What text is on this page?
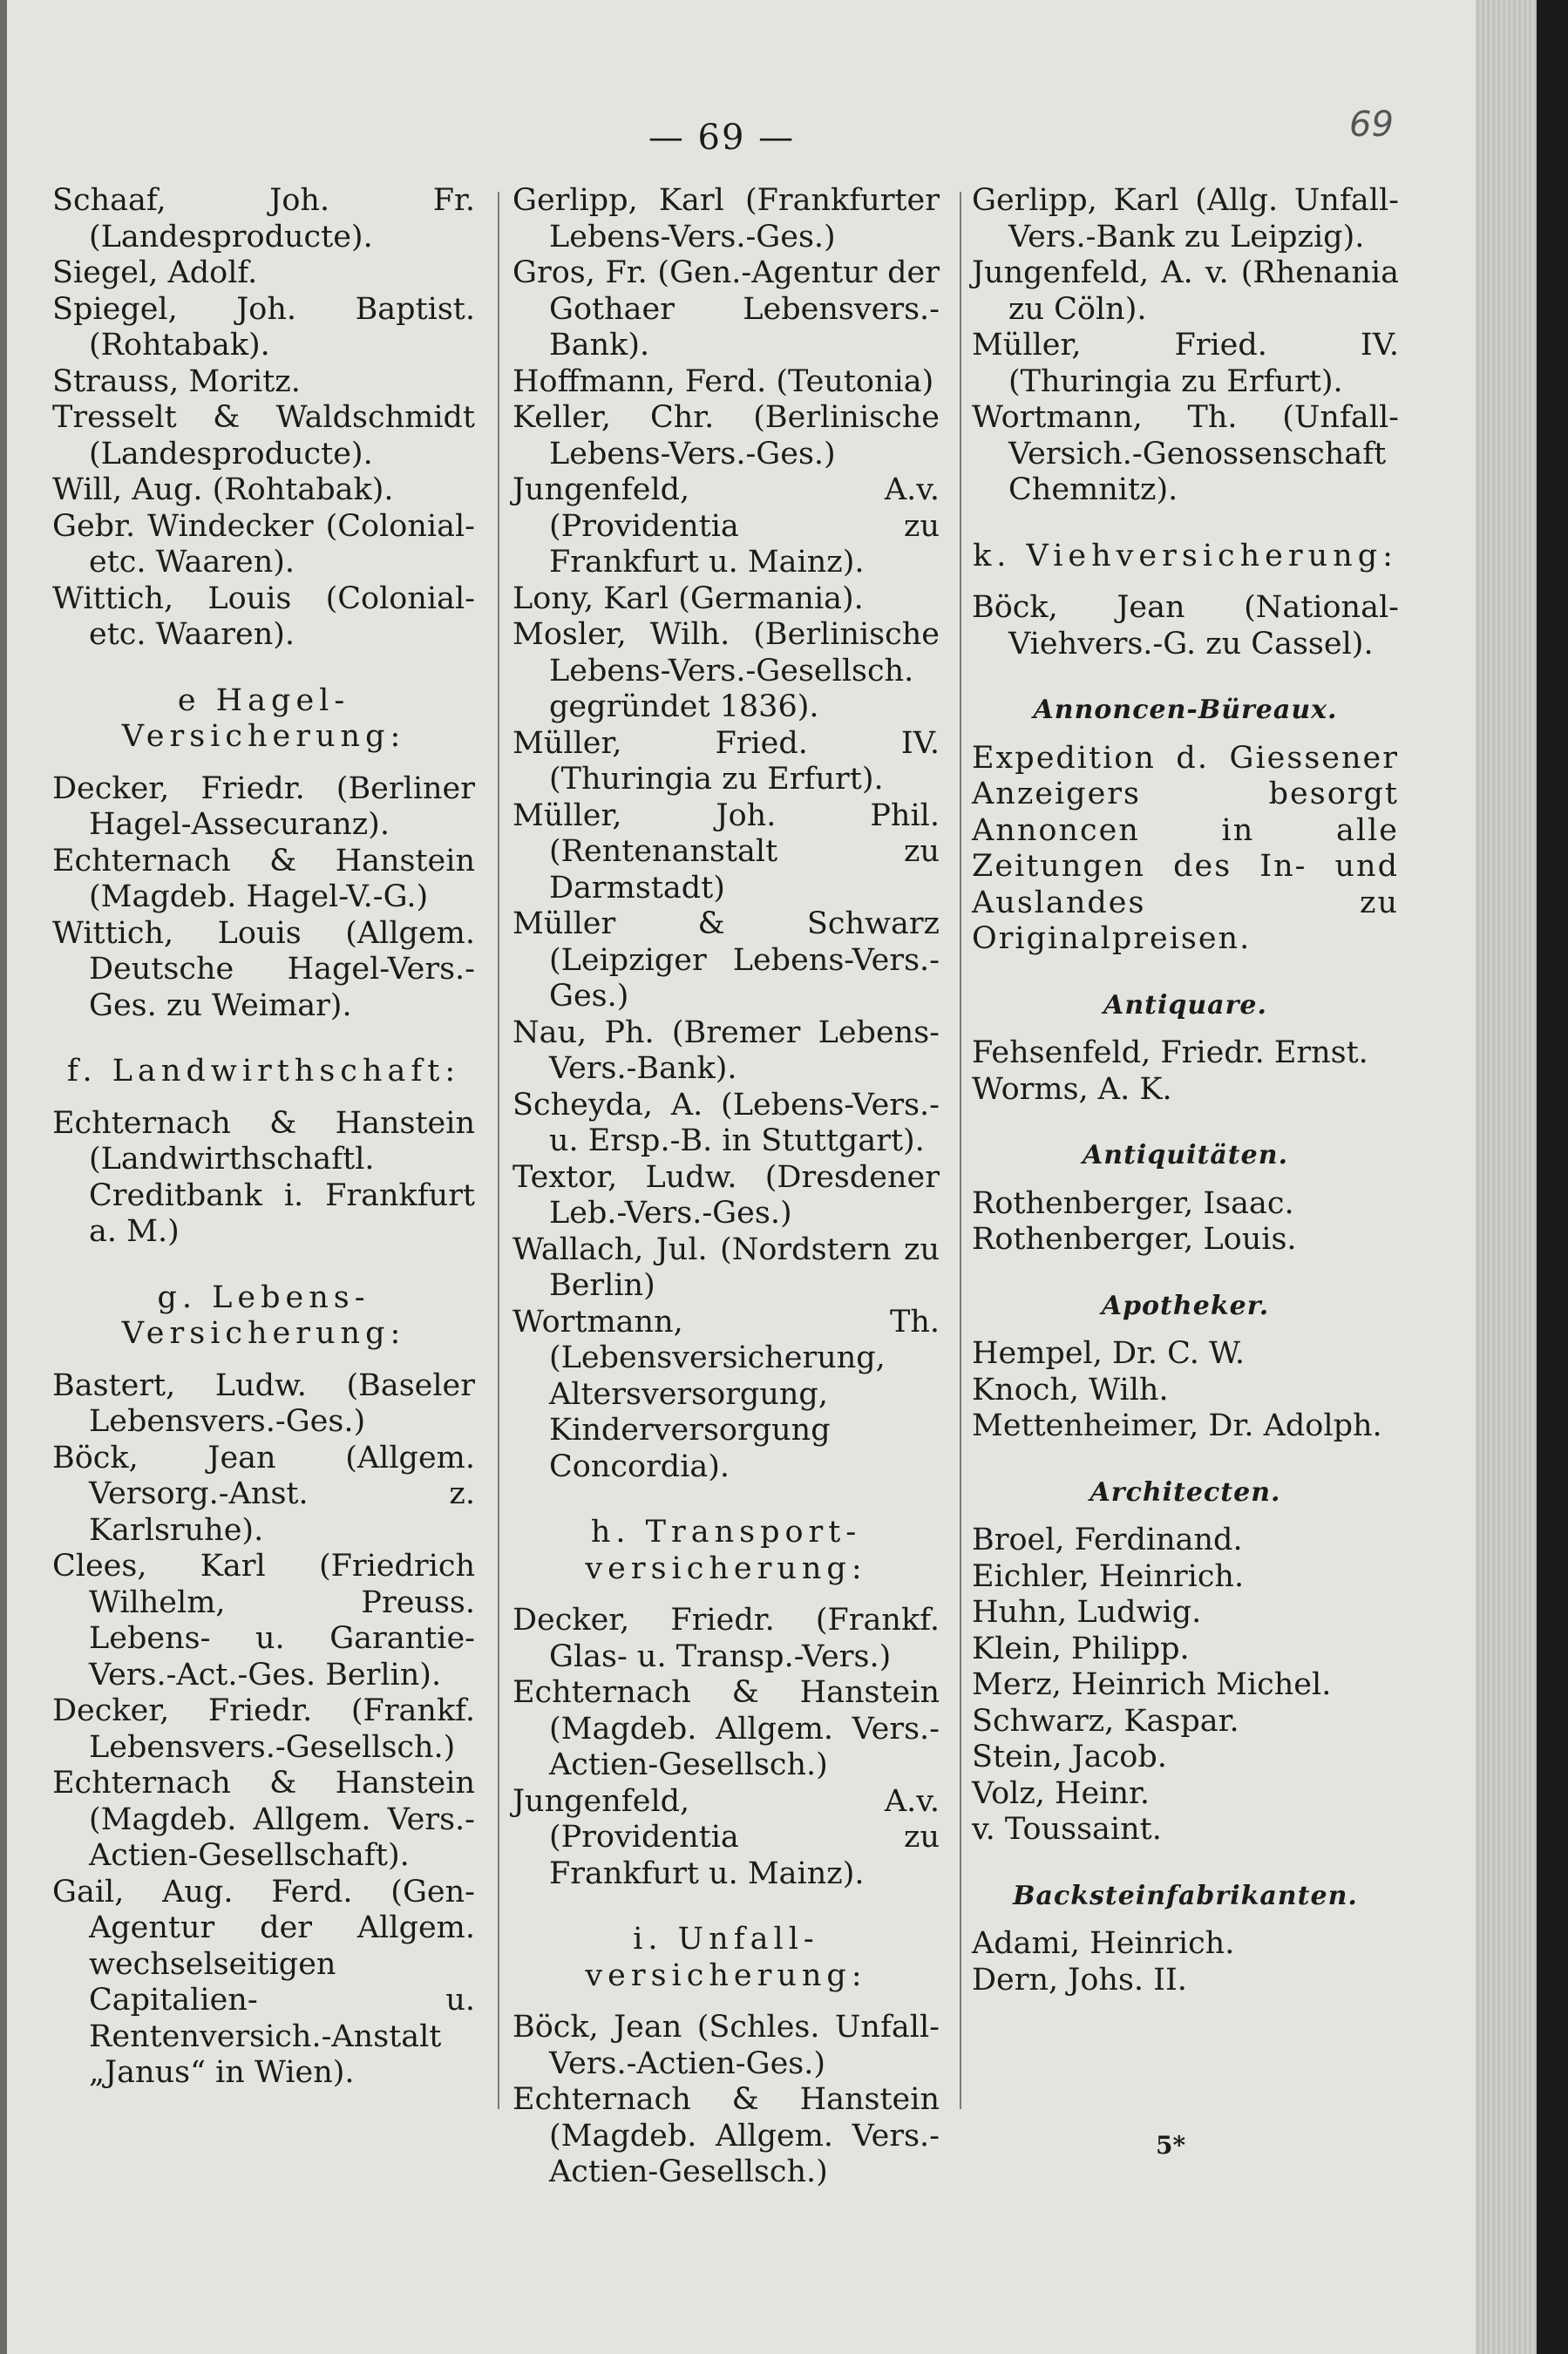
— 69 —	69

Schaaf, Joh. Fr. (Landesproducte).

Siegel, Adolf.

Spiegel, Joh. Baptist. (Rohtabak).

Strauss, Moritz.

Tresselt & Waldschmidt (Landesproducte).

Will, Aug. (Rohtabak).

Gebr. Windecker (Colonial- etc. Waaren).

Wittich, Louis (Colonial- etc. Waaren).

e Hagel-Versicherung:

Decker, Friedr. (Berliner Hagel-Assecuranz).

Echternach & Hanstein (Magdeb. Hagel-V.-G.)

Wittich, Louis (Allgem. Deutsche Hagel-Vers.-Ges. zu Weimar).

f. Landwirthschaft:

Echternach & Hanstein (Landwirthschaftl. Creditbank i. Frankfurt a. M.)

g. Lebens-Versicherung:

Bastert, Ludw. (Baseler Lebensvers.-Ges.)

Böck, Jean (Allgem. Versorg.-Anst. z. Karlsruhe).

Clees, Karl (Friedrich Wilhelm, Preuss. Lebens- u. Garantie-Vers.-Act.-Ges. Berlin).

Decker, Friedr. (Frankf. Lebensvers.-Gesellsch.)

Echternach & Hanstein (Magdeb. Allgem. Vers.-Actien-Gesellschaft).

Gail, Aug. Ferd. (Gen-Agentur der Allgem. wechselseitigen Capitalien- u. Rentenversich.-Anstalt „Janus“ in Wien).

Gerlipp, Karl (Frankfurter Lebens-Vers.-Ges.)

Gros, Fr. (Gen.-Agentur der Gothaer Lebensvers.-Bank).

Hoffmann, Ferd. (Teutonia)

Keller, Chr. (Berlinische Lebens-Vers.-Ges.)

Jungenfeld, A.v. (Providentia zu Frankfurt u. Mainz).

Lony, Karl (Germania).

Mosler, Wilh. (Berlinische Lebens-Vers.-Gesellsch. gegründet 1836).

Müller, Fried. IV. (Thuringia zu Erfurt).

Müller, Joh. Phil. (Rentenanstalt zu Darmstadt)

Müller & Schwarz (Leipziger Lebens-Vers.-Ges.)

Nau, Ph. (Bremer Lebens-Vers.-Bank).

Scheyda, A. (Lebens-Vers.- u. Ersp.-B. in Stuttgart).

Textor, Ludw. (Dresdener Leb.-Vers.-Ges.)

Wallach, Jul. (Nordstern zu Berlin)

Wortmann, Th. (Lebensversicherung, Altersversorgung, Kinderversorgung Concordia).

h. Transport-versicherung:

Decker, Friedr. (Frankf. Glas- u. Transp.-Vers.)

Echternach & Hanstein (Magdeb. Allgem. Vers.-Actien-Gesellsch.)

Jungenfeld, A.v. (Providentia zu Frankfurt u. Mainz).

i. Unfall-versicherung:

Böck, Jean (Schles. Unfall-Vers.-Actien-Ges.)

Echternach & Hanstein (Magdeb. Allgem. Vers.-Actien-Gesellsch.)

Gerlipp, Karl (Allg. Unfall-Vers.-Bank zu Leipzig).

Jungenfeld, A. v. (Rhenania zu Cöln).

Müller, Fried. IV. (Thuringia zu Erfurt).

Wortmann, Th. (Unfall-Versich.-Genossenschaft Chemnitz).

k. Viehversicherung:

Böck, Jean (National-Viehvers.-G. zu Cassel).

Annoncen-Büreaux.

Expedition d. Giessener Anzeigers besorgt Annoncen in alle Zeitungen des In- und Auslandes zu Originalpreisen.

Antiquare.

Fehsenfeld, Friedr. Ernst.

Worms, A. K.

Antiquitäten.

Rothenberger, Isaac.

Rothenberger, Louis.

Apotheker.

Hempel, Dr. C. W.

Knoch, Wilh.

Mettenheimer, Dr. Adolph.

Architecten.

Broel, Ferdinand.

Eichler, Heinrich.

Huhn, Ludwig.

Klein, Philipp.

Merz, Heinrich Michel.

Schwarz, Kaspar.

Stein, Jacob.

Volz, Heinr.

v. Toussaint.

Backsteinfabrikanten.

Adami, Heinrich.

Dern, Johs. II.

5*
